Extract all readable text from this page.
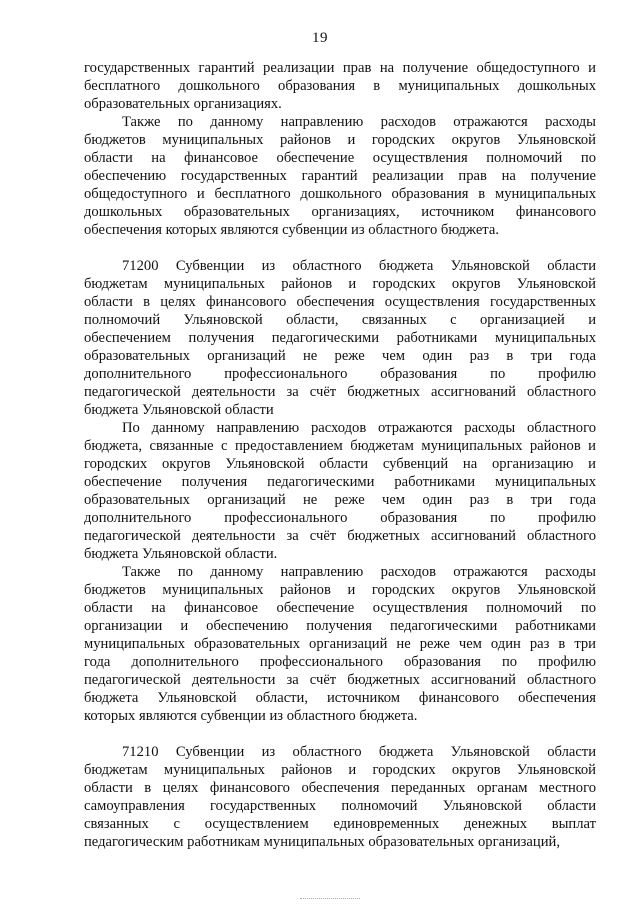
19
государственных гарантий реализации прав на получение общедоступного и
бесплатного дошкольного образования в муниципальных дошкольных
образовательных организациях.
Также по данному направлению расходов отражаются расходы
бюджетов муниципальных районов и городских округов Ульяновской
области на финансовое обеспечение осуществления полномочий по
обеспечению государственных гарантий реализации прав на получение
общедоступного и бесплатного дошкольного образования в муниципальных
дошкольных образовательных организациях, источником финансового
обеспечения которых являются субвенции из областного бюджета.
71200 Субвенции из областного бюджета Ульяновской области
бюджетам муниципальных районов и городских округов Ульяновской
области в целях финансового обеспечения осуществления государственных
полномочий Ульяновской области, связанных с организацией и
обеспечением получения педагогическими работниками муниципальных
образовательных организаций не реже чем один раз в три года
дополнительного профессионального образования по профилю
педагогической деятельности за счёт бюджетных ассигнований областного
бюджета Ульяновской области
По данному направлению расходов отражаются расходы областного
бюджета, связанные с предоставлением бюджетам муниципальных районов и
городских округов Ульяновской области субвенций на организацию и
обеспечение получения педагогическими работниками муниципальных
образовательных организаций не реже чем один раз в три года
дополнительного профессионального образования по профилю
педагогической деятельности за счёт бюджетных ассигнований областного
бюджета Ульяновской области.
Также по данному направлению расходов отражаются расходы
бюджетов муниципальных районов и городских округов Ульяновской
области на финансовое обеспечение осуществления полномочий по
организации и обеспечению получения педагогическими работниками
муниципальных образовательных организаций не реже чем один раз в три
года дополнительного профессионального образования по профилю
педагогической деятельности за счёт бюджетных ассигнований областного
бюджета Ульяновской области, источником финансового обеспечения
которых являются субвенции из областного бюджета.
71210 Субвенции из областного бюджета Ульяновской области
бюджетам муниципальных районов и городских округов Ульяновской
области в целях финансового обеспечения переданных органам местного
самоуправления государственных полномочий Ульяновской области
связанных с осуществлением единовременных денежных выплат
педагогическим работникам муниципальных образовательных организаций,
